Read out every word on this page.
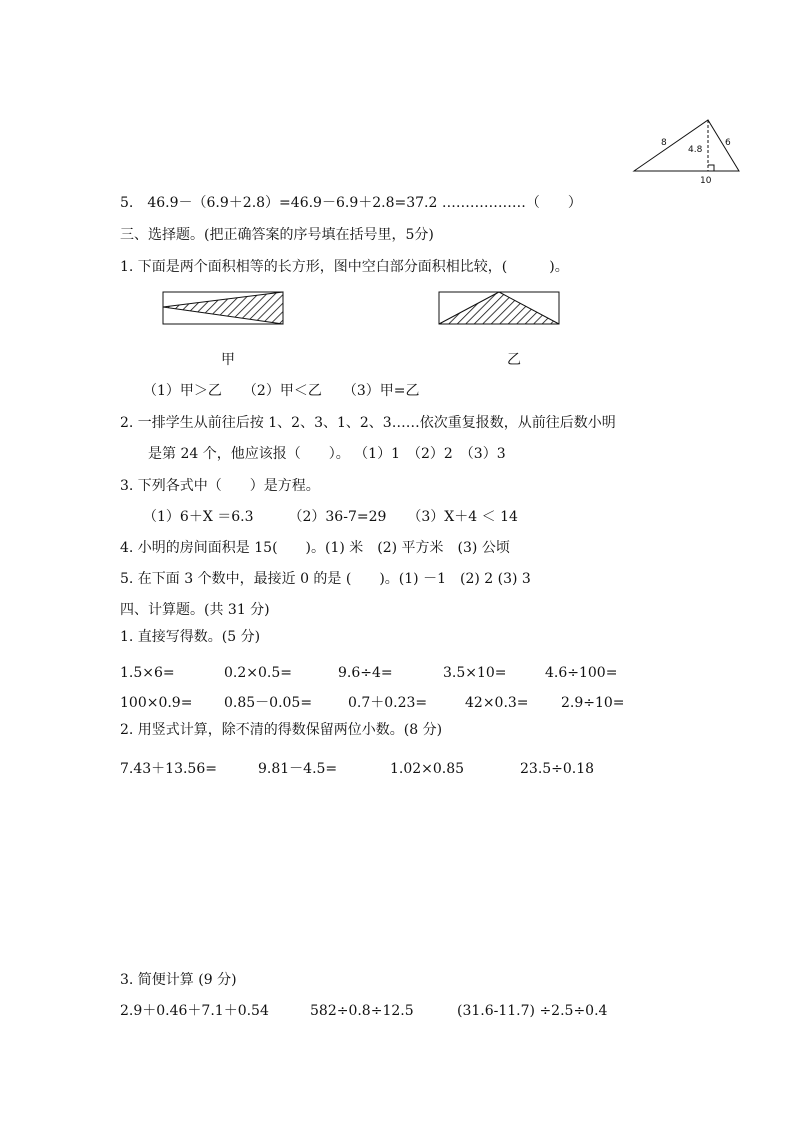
8
4.8
6
10
5.　46.9－（6.9＋2.8）=46.9－6.9＋2.8=37.2 ………………（　　）
三、选择题。(把正确答案的序号填在括号里，5分)
1. 下面是两个面积相等的长方形，图中空白部分面积相比较，(　　　)。
甲	乙
（1）甲＞乙　　（2）甲＜乙　　（3）甲=乙
2. 一排学生从前往后按 1、2、3、1、2、3……依次重复报数，从前往后数小明
是第 24 个，他应该报（　　）。 （1）1　（2）2　（3）3
3. 下列各式中（　　）是方程。
（1）6＋X ＝6.3　　　（2）36-7=29　　（3）X＋4 ＜ 14
4. 小明的房间面积是 15(　　)。(1) 米　(2) 平方米　(3) 公顷
5. 在下面 3 个数中，最接近 0 的是 (　　)。(1) －1　(2) 2 (3) 3
四、计算题。(共 31 分)
1. 直接写得数。(5 分)
1.5×6=	0.2×0.5=	9.6÷4=	3.5×10=	4.6÷100=
100×0.9= 0.85－0.05=	0.7＋0.23=	42×0.3= 2.9÷10=
2. 用竖式计算，除不清的得数保留两位小数。(8 分)
7.43＋13.56=	9.81－4.5=	1.02×0.85	23.5÷0.18
3. 简便计算 (9 分)
2.9＋0.46＋7.1＋0.54	582÷0.8÷12.5	(31.6-11.7) ÷2.5÷0.4
